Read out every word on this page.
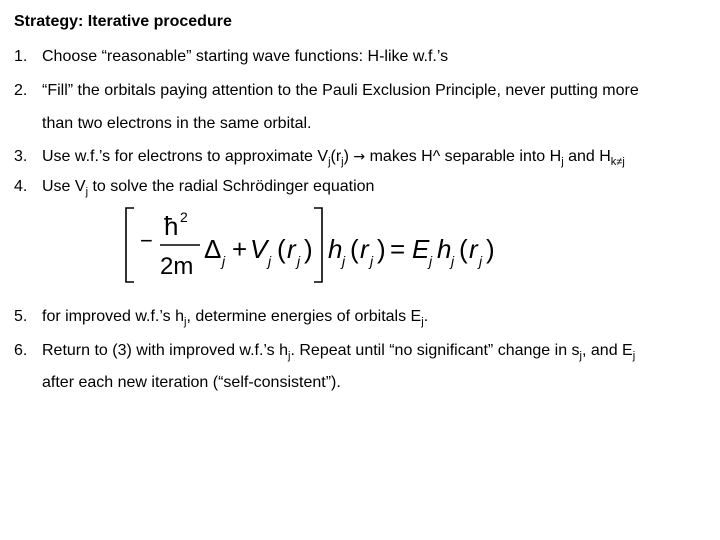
Strategy: Iterative procedure
1. Choose “reasonable” starting wave functions: H-like w.f.’s
2. “Fill” the orbitals paying attention to the Pauli Exclusion Principle, never putting more
than two electrons in the same orbital.
3. Use w.f.’s for electrons to approximate $V_j(r_j)$ → makes H^ separable into $H_j$ and $H_{k\ne j}$
4. Use $V_j$ to solve the radial Schrödinger equation
− ħ 2
2m
Δ j + V j ( r j ) h j ( r j ) = E j h j ( r j )
5. for improved w.f.’s $h_j$, determine energies of orbitals $E_j$.
6. Return to (3) with improved w.f.’s $h_j$. Repeat until “no significant” change in $s_j$, and $E_j$
after each new iteration (“self-consistent”).
